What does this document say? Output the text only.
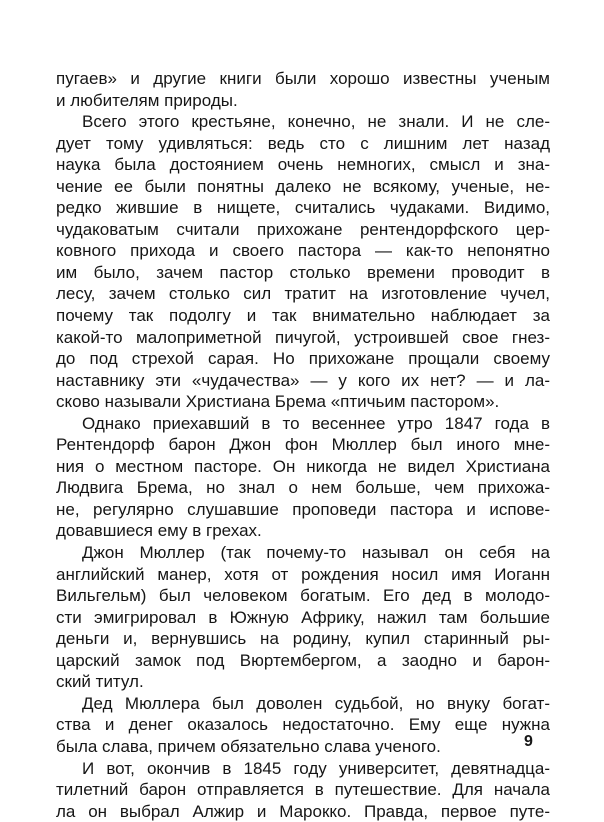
пугаев» и другие книги были хорошо известны ученым
и любителям природы.
Всего этого крестьяне, конечно, не знали. И не сле-
дует тому удивляться: ведь сто с лишним лет назад
наука была достоянием очень немногих, смысл и зна-
чение ее были понятны далеко не всякому, ученые, не-
редко жившие в нищете, считались чудаками. Видимо,
чудаковатым считали прихожане рентендорфского цер-
ковного прихода и своего пастора — как-то непонятно
им было, зачем пастор столько времени проводит в
лесу, зачем столько сил тратит на изготовление чучел,
почему так подолгу и так внимательно наблюдает за
какой-то малоприметной пичугой, устроившей свое гнез-
до под стрехой сарая. Но прихожане прощали своему
наставнику эти «чудачества» — у кого их нет? — и ла-
сково называли Христиана Брема «птичьим пастором».
Однако приехавший в то весеннее утро 1847 года в
Рентендорф барон Джон фон Мюллер был иного мне-
ния о местном пасторе. Он никогда не видел Христиана
Людвига Брема, но знал о нем больше, чем прихожа-
не, регулярно слушавшие проповеди пастора и испове-
довавшиеся ему в грехах.
Джон Мюллер (так почему-то называл он себя на
английский манер, хотя от рождения носил имя Иоганн
Вильгельм) был человеком богатым. Его дед в молодо-
сти эмигрировал в Южную Африку, нажил там большие
деньги и, вернувшись на родину, купил старинный ры-
царский замок под Вюртембергом, а заодно и барон-
ский титул.
Дед Мюллера был доволен судьбой, но внуку богат-
ства и денег оказалось недостаточно. Ему еще нужна
была слава, причем обязательно слава ученого.
И вот, окончив в 1845 году университет, девятнадца-
тилетний барон отправляется в путешествие. Для начала
ла он выбрал Алжир и Марокко. Правда, первое путе-
9
